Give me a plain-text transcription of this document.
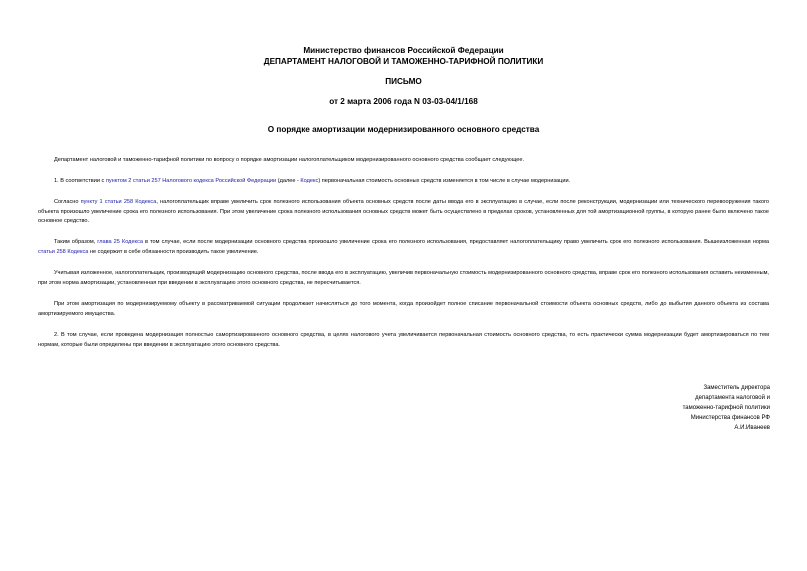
Министерство финансов Российской Федерации
ДЕПАРТАМЕНТ НАЛОГОВОЙ И ТАМОЖЕННО-ТАРИФНОЙ ПОЛИТИКИ
ПИСЬМО
от 2 марта 2006 года N 03-03-04/1/168
О порядке амортизации модернизированного основного средства

Департамент налоговой и таможенно-тарифной политики по вопросу о порядке амортизации налогоплательщиком модернизированного основного средства сообщает следующее.

1. В соответствии с пунктом 2 статьи 257 Налогового кодекса Российской Федерации (далее - Кодекс) первоначальная стоимость основных средств изменяется в том числе в случае модернизации.

Согласно пункту 1 статьи 258 Кодекса, налогоплательщик вправе увеличить срок полезного использования объекта основных средств после даты ввода его в эксплуатацию в случае, если после реконструкции, модернизации или технического перевооружения такого объекта произошло увеличение срока его полезного использования. При этом увеличение срока полезного использования основных средств может быть осуществлено в пределах сроков, установленных для той амортизационной группы, в которую ранее было включено такое основное средство.

Таким образом, глава 25 Кодекса в том случае, если после модернизации основного средства произошло увеличение срока его полезного использования, предоставляет налогоплательщику право увеличить срок его полезного использования. Вышеизложенная норма статьи 258 Кодекса не содержит в себе обязанности производить такое увеличение.

Учитывая изложенное, налогоплательщик, производящий модернизацию основного средства, после ввода его в эксплуатацию, увеличив первоначальную стоимость модернизированного основного средства, вправе срок его полезного использования оставить неизменным, при этом норма амортизации, установленная при введении в эксплуатацию этого основного средства, не пересчитывается.

При этом амортизация по модернизируемому объекту в рассматриваемой ситуации продолжает начисляться до того момента, когда произойдет полное списание первоначальной стоимости объекта основных средств, либо до выбытия данного объекта из состава амортизируемого имущества.

2. В том случае, если проведена модернизация полностью самортизированного основного средства, в целях налогового учета увеличивается первоначальная стоимость основного средства, то есть практически сумма модернизации будет амортизироваться по тем нормам, которые были определены при введении в эксплуатацию этого основного средства.

Заместитель директора
департамента налоговой и
таможенно-тарифной политики
Министерства финансов РФ
А.И.Иванеев
